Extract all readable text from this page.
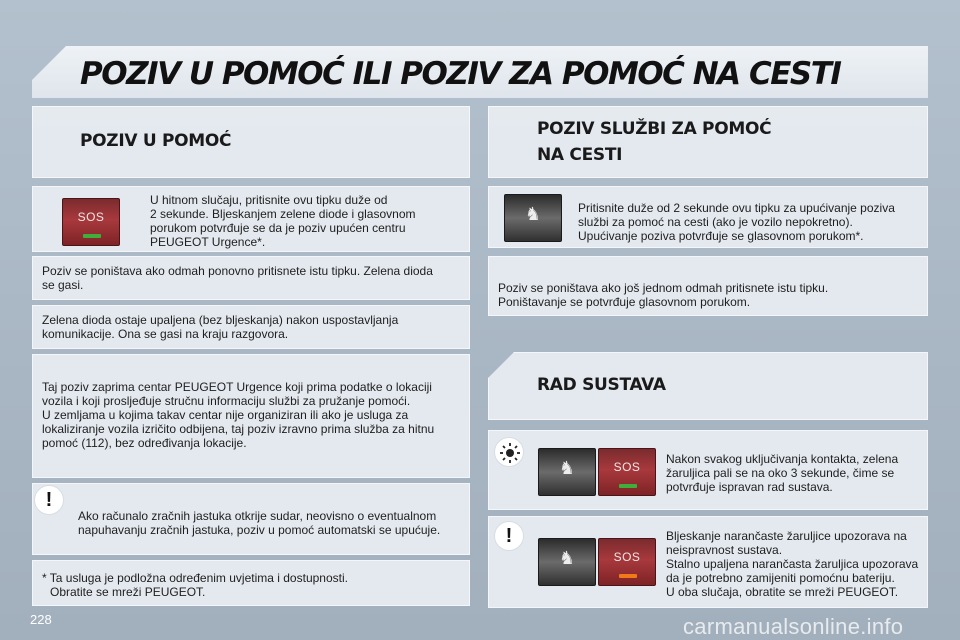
POZIV U POMOĆ ILI POZIV ZA POMOĆ NA CESTI
POZIV U POMOĆ
SOS
U hitnom slučaju, pritisnite ovu tipku duže od
2 sekunde. Bljeskanjem zelene diode i glasovnom
porukom potvrđuje se da je poziv upućen centru
PEUGEOT Urgence*.
Poziv se poništava ako odmah ponovno pritisnete istu tipku. Zelena dioda
se gasi.
Zelena dioda ostaje upaljena (bez bljeskanja) nakon uspostavljanja
komunikacije. Ona se gasi na kraju razgovora.
Taj poziv zaprima centar PEUGEOT Urgence koji prima podatke o lokaciji
vozila i koji prosljeđuje stručnu informaciju službi za pružanje pomoći.
U zemljama u kojima takav centar nije organiziran ili ako je usluga za
lokaliziranje vozila izričito odbijena, taj poziv izravno prima služba za hitnu
pomoć (112), bez određivanja lokacije.
!
Ako računalo zračnih jastuka otkrije sudar, neovisno o eventualnom
napuhavanju zračnih jastuka, poziv u pomoć automatski se upućuje.
* Ta usluga je podložna određenim uvjetima i dostupnosti.
Obratite se mreži PEUGEOT.
POZIV SLUŽBI ZA POMOĆ
NA CESTI
♞	Pritisnite duže od 2 sekunde ovu tipku za upućivanje poziva
službi za pomoć na cesti (ako je vozilo nepokretno).
Upućivanje poziva potvrđuje se glasovnom porukom*.
Poziv se poništava ako još jednom odmah pritisnete istu tipku.
Poništavanje se potvrđuje glasovnom porukom.
RAD SUSTAVA
♞	SOS
Nakon svakog uključivanja kontakta, zelena
žaruljica pali se na oko 3 sekunde, čime se
potvrđuje ispravan rad sustava.
!
♞	SOS
Bljeskanje narančaste žaruljice upozorava na
neispravnost sustava.
Stalno upaljena narančasta žaruljica upozorava
da je potrebno zamijeniti pomoćnu bateriju.
U oba slučaja, obratite se mreži PEUGEOT.
228	carmanualsonline.info
